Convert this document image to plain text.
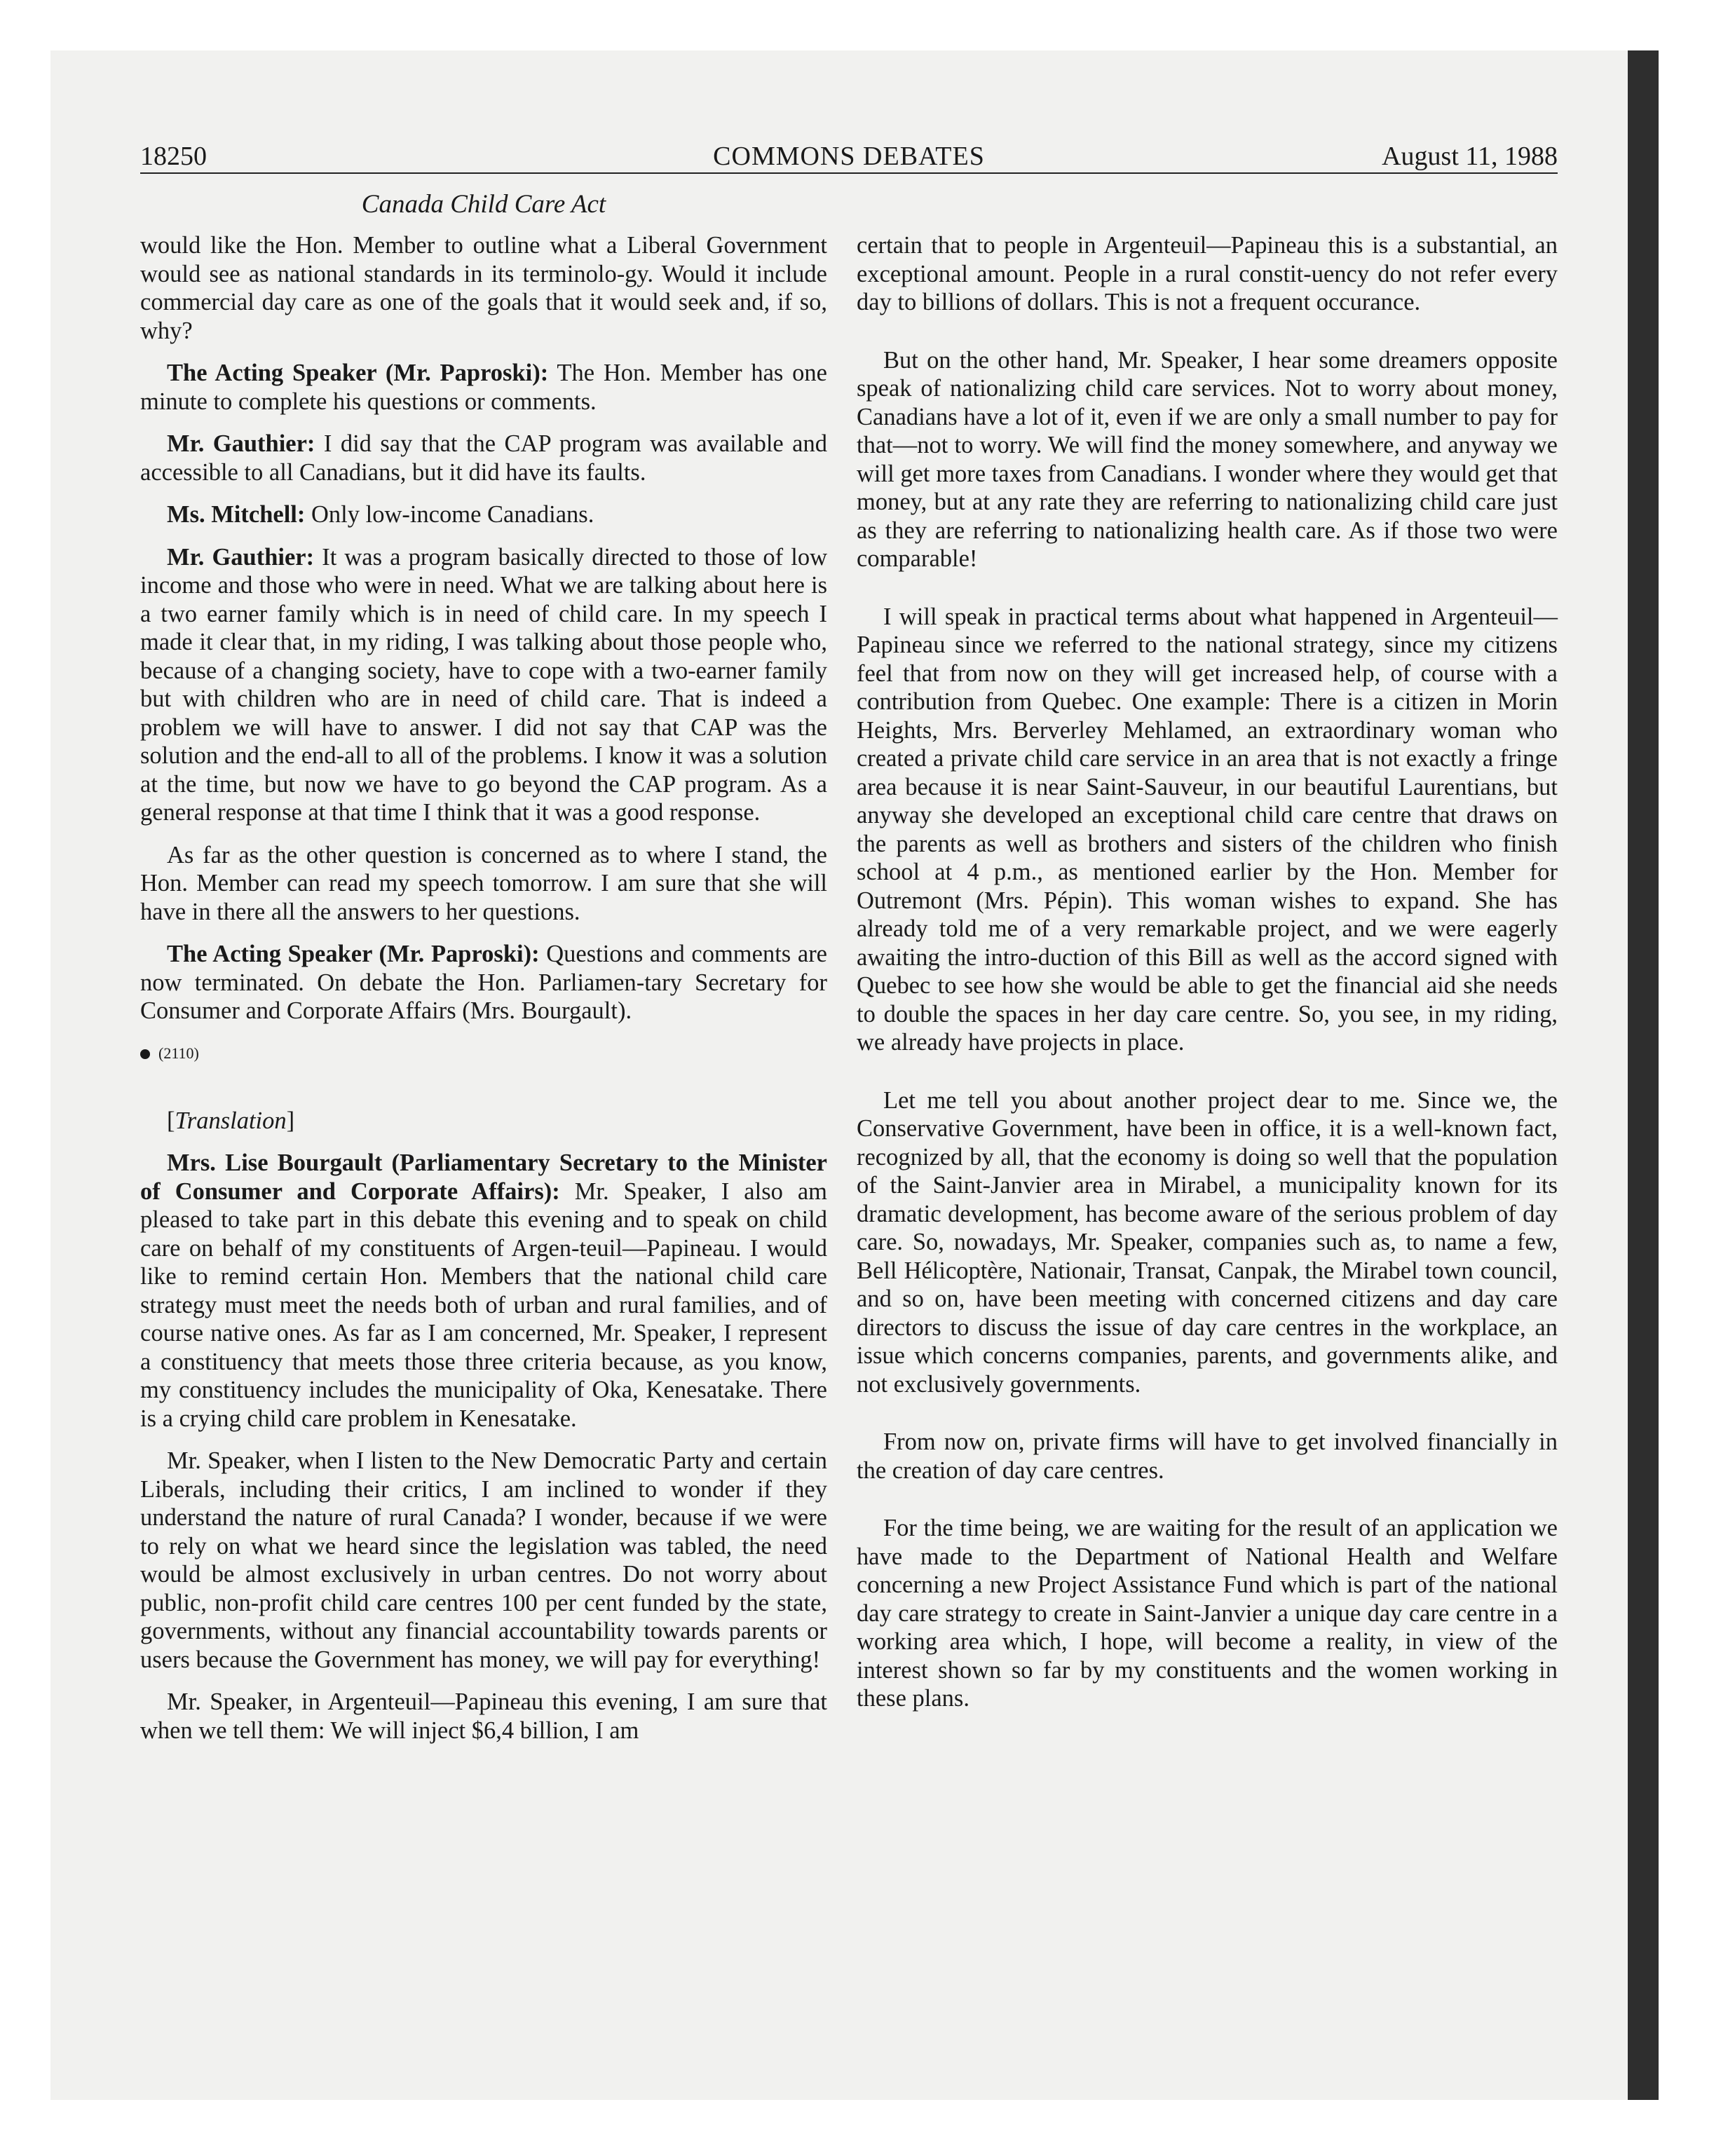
18250	COMMONS DEBATES	August 11, 1988
Canada Child Care Act

would like the Hon. Member to outline what a Liberal Government would see as national standards in its terminolo-gy. Would it include commercial day care as one of the goals that it would seek and, if so, why?

The Acting Speaker (Mr. Paproski): The Hon. Member has one minute to complete his questions or comments.

Mr. Gauthier: I did say that the CAP program was available and accessible to all Canadians, but it did have its faults.

Ms. Mitchell: Only low-income Canadians.

Mr. Gauthier: It was a program basically directed to those of low income and those who were in need. What we are talking about here is a two earner family which is in need of child care. In my speech I made it clear that, in my riding, I was talking about those people who, because of a changing society, have to cope with a two-earner family but with children who are in need of child care. That is indeed a problem we will have to answer. I did not say that CAP was the solution and the end-all to all of the problems. I know it was a solution at the time, but now we have to go beyond the CAP program. As a general response at that time I think that it was a good response.

As far as the other question is concerned as to where I stand, the Hon. Member can read my speech tomorrow. I am sure that she will have in there all the answers to her questions.

The Acting Speaker (Mr. Paproski): Questions and comments are now terminated. On debate the Hon. Parliamen-tary Secretary for Consumer and Corporate Affairs (Mrs. Bourgault).

(2110)

[Translation]

Mrs. Lise Bourgault (Parliamentary Secretary to the Minister of Consumer and Corporate Affairs): Mr. Speaker, I also am pleased to take part in this debate this evening and to speak on child care on behalf of my constituents of Argen-teuil—Papineau. I would like to remind certain Hon. Members that the national child care strategy must meet the needs both of urban and rural families, and of course native ones. As far as I am concerned, Mr. Speaker, I represent a constituency that meets those three criteria because, as you know, my constituency includes the municipality of Oka, Kenesatake. There is a crying child care problem in Kenesatake.

Mr. Speaker, when I listen to the New Democratic Party and certain Liberals, including their critics, I am inclined to wonder if they understand the nature of rural Canada? I wonder, because if we were to rely on what we heard since the legislation was tabled, the need would be almost exclusively in urban centres. Do not worry about public, non-profit child care centres 100 per cent funded by the state, governments, without any financial accountability towards parents or users because the Government has money, we will pay for everything!

Mr. Speaker, in Argenteuil—Papineau this evening, I am sure that when we tell them: We will inject $6,4 billion, I am

certain that to people in Argenteuil—Papineau this is a substantial, an exceptional amount. People in a rural constit-uency do not refer every day to billions of dollars. This is not a frequent occurance.

But on the other hand, Mr. Speaker, I hear some dreamers opposite speak of nationalizing child care services. Not to worry about money, Canadians have a lot of it, even if we are only a small number to pay for that—not to worry. We will find the money somewhere, and anyway we will get more taxes from Canadians. I wonder where they would get that money, but at any rate they are referring to nationalizing child care just as they are referring to nationalizing health care. As if those two were comparable!

I will speak in practical terms about what happened in Argenteuil—Papineau since we referred to the national strategy, since my citizens feel that from now on they will get increased help, of course with a contribution from Quebec. One example: There is a citizen in Morin Heights, Mrs. Berverley Mehlamed, an extraordinary woman who created a private child care service in an area that is not exactly a fringe area because it is near Saint-Sauveur, in our beautiful Laurentians, but anyway she developed an exceptional child care centre that draws on the parents as well as brothers and sisters of the children who finish school at 4 p.m., as mentioned earlier by the Hon. Member for Outremont (Mrs. Pépin). This woman wishes to expand. She has already told me of a very remarkable project, and we were eagerly awaiting the intro-duction of this Bill as well as the accord signed with Quebec to see how she would be able to get the financial aid she needs to double the spaces in her day care centre. So, you see, in my riding, we already have projects in place.

Let me tell you about another project dear to me. Since we, the Conservative Government, have been in office, it is a well-known fact, recognized by all, that the economy is doing so well that the population of the Saint-Janvier area in Mirabel, a municipality known for its dramatic development, has become aware of the serious problem of day care. So, nowadays, Mr. Speaker, companies such as, to name a few, Bell Hélicoptère, Nationair, Transat, Canpak, the Mirabel town council, and so on, have been meeting with concerned citizens and day care directors to discuss the issue of day care centres in the workplace, an issue which concerns companies, parents, and governments alike, and not exclusively governments.

From now on, private firms will have to get involved financially in the creation of day care centres.

For the time being, we are waiting for the result of an application we have made to the Department of National Health and Welfare concerning a new Project Assistance Fund which is part of the national day care strategy to create in Saint-Janvier a unique day care centre in a working area which, I hope, will become a reality, in view of the interest shown so far by my constituents and the women working in these plans.
